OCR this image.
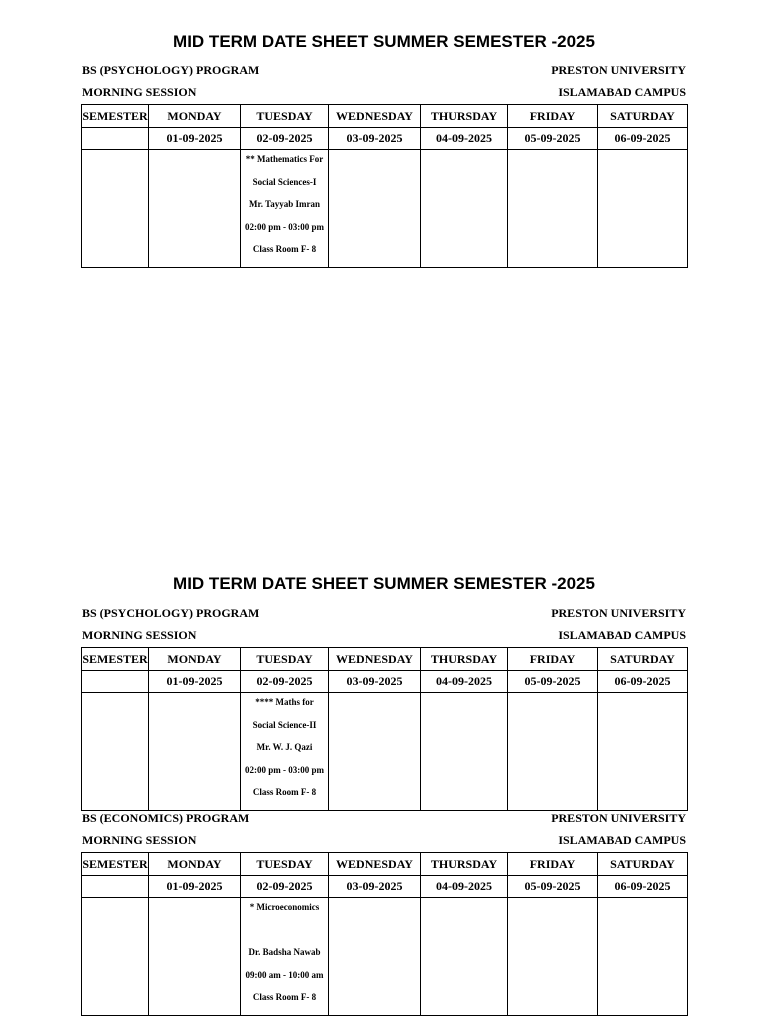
MID TERM DATE SHEET SUMMER SEMESTER -2025
BS (PSYCHOLOGY) PROGRAM	PRESTON UNIVERSITY
MORNING SESSION	ISLAMABAD CAMPUS
SEMESTER	MONDAY	TUESDAY	WEDNESDAY	THURSDAY	FRIDAY	SATURDAY
	01-09-2025	02-09-2025	03-09-2025	04-09-2025	05-09-2025	06-09-2025

		** Mathematics For
Social Sciences-I
Mr. Tayyab Imran
02:00 pm - 03:00 pm
Class Room F- 8				

MID TERM DATE SHEET SUMMER SEMESTER -2025
BS (PSYCHOLOGY) PROGRAM	PRESTON UNIVERSITY
MORNING SESSION	ISLAMABAD CAMPUS
SEMESTER	MONDAY	TUESDAY	WEDNESDAY	THURSDAY	FRIDAY	SATURDAY
	01-09-2025	02-09-2025	03-09-2025	04-09-2025	05-09-2025	06-09-2025

		**** Maths for
Social Science-II
Mr. W. J. Qazi
02:00 pm - 03:00 pm
Class Room F- 8				

BS (ECONOMICS) PROGRAM	PRESTON UNIVERSITY
MORNING SESSION	ISLAMABAD CAMPUS
SEMESTER	MONDAY	TUESDAY	WEDNESDAY	THURSDAY	FRIDAY	SATURDAY
	01-09-2025	02-09-2025	03-09-2025	04-09-2025	05-09-2025	06-09-2025

		* Microeconomics
Dr. Badsha Nawab
09:00 am - 10:00 am
Class Room F- 8				
